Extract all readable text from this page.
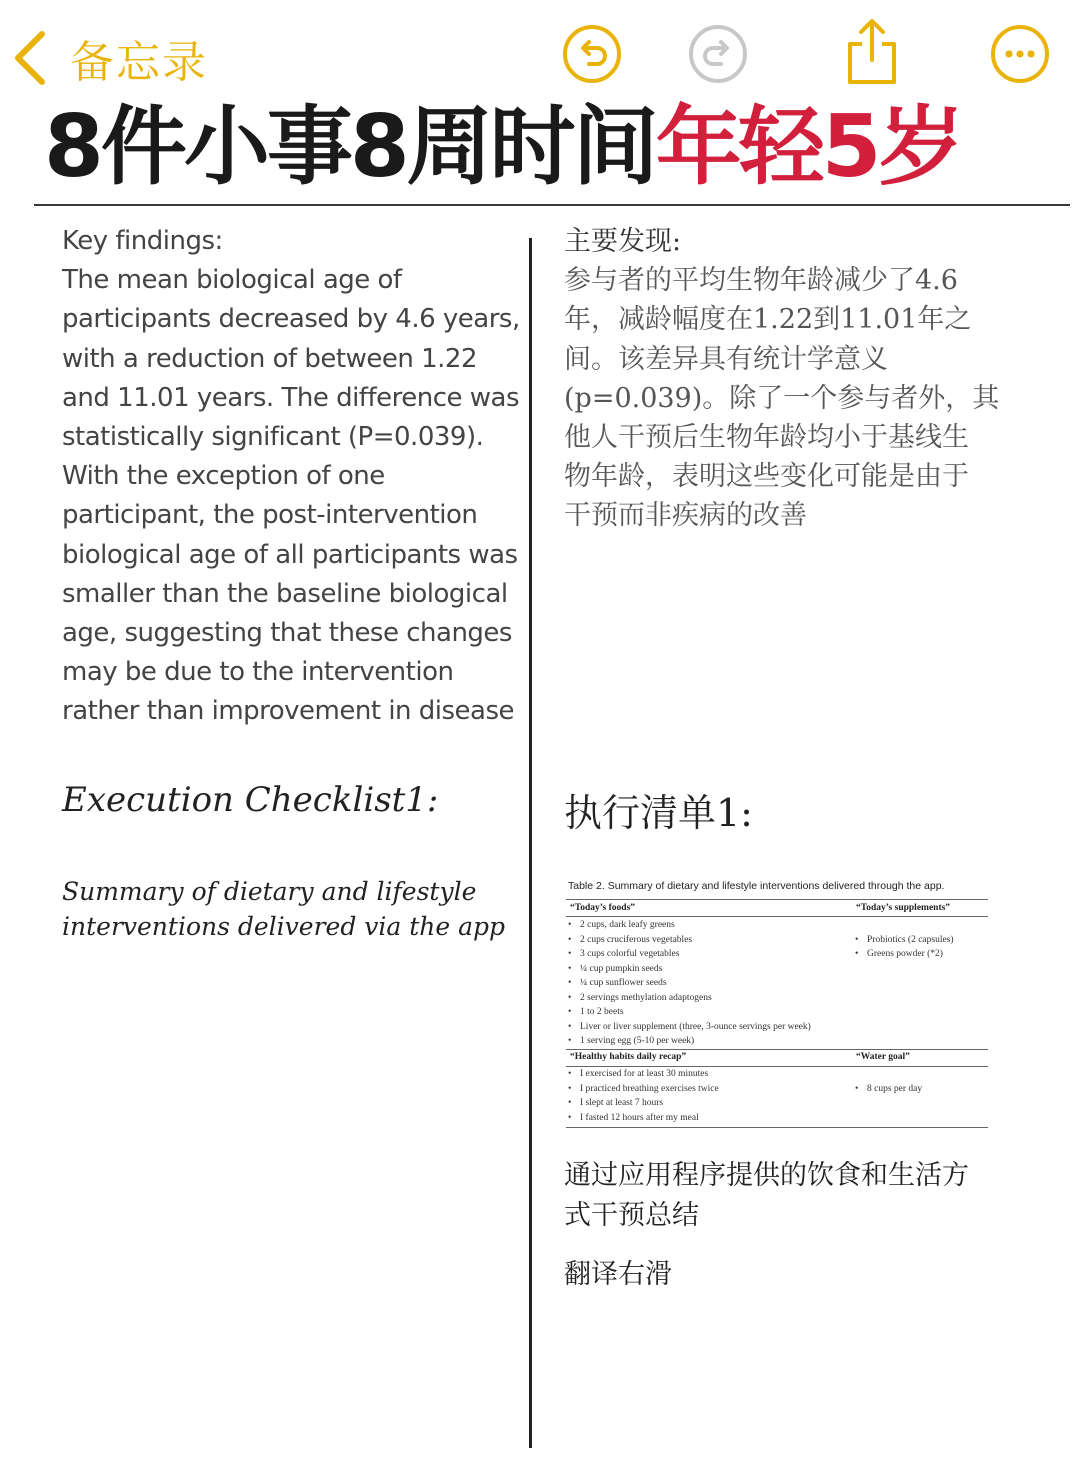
备忘录
8件小事8周时间年轻5岁
Key findings:
The mean biological age of
participants decreased by 4.6 years,
with a reduction of between 1.22
and 11.01 years. The difference was
statistically significant (P=0.039).
With the exception of one
participant, the post-intervention
biological age of all participants was
smaller than the baseline biological
age, suggesting that these changes
may be due to the intervention
rather than improvement in disease
Execution Checklist1:
Summary of dietary and lifestyle
interventions delivered via the app
主要发现:
参与者的平均生物年龄减少了4.6
年，减龄幅度在1.22到11.01年之
间。该差异具有统计学意义
(p=0.039)。除了一个参与者外，其
他人干预后生物年龄均小于基线生
物年龄，表明这些变化可能是由于
干预而非疾病的改善
执行清单1:
Table 2. Summary of dietary and lifestyle interventions delivered through the app.
“Today’s foods”	“Today’s supplements”
• 2 cups, dark leafy greens
• 2 cups cruciferous vegetables
• 3 cups colorful vegetables
• ¼ cup pumpkin seeds
• ¼ cup sunflower seeds
• 2 servings methylation adaptogens
• 1 to 2 beets
• Liver or liver supplement (three, 3-ounce servings per week)
• 1 serving egg (5-10 per week)
• Probiotics (2 capsules)
• Greens powder (*2)
“Healthy habits daily recap”	“Water goal”
• I exercised for at least 30 minutes
• I practiced breathing exercises twice
• I slept at least 7 hours
• I fasted 12 hours after my meal
• 8 cups per day
通过应用程序提供的饮食和生活方
式干预总结
翻译右滑
